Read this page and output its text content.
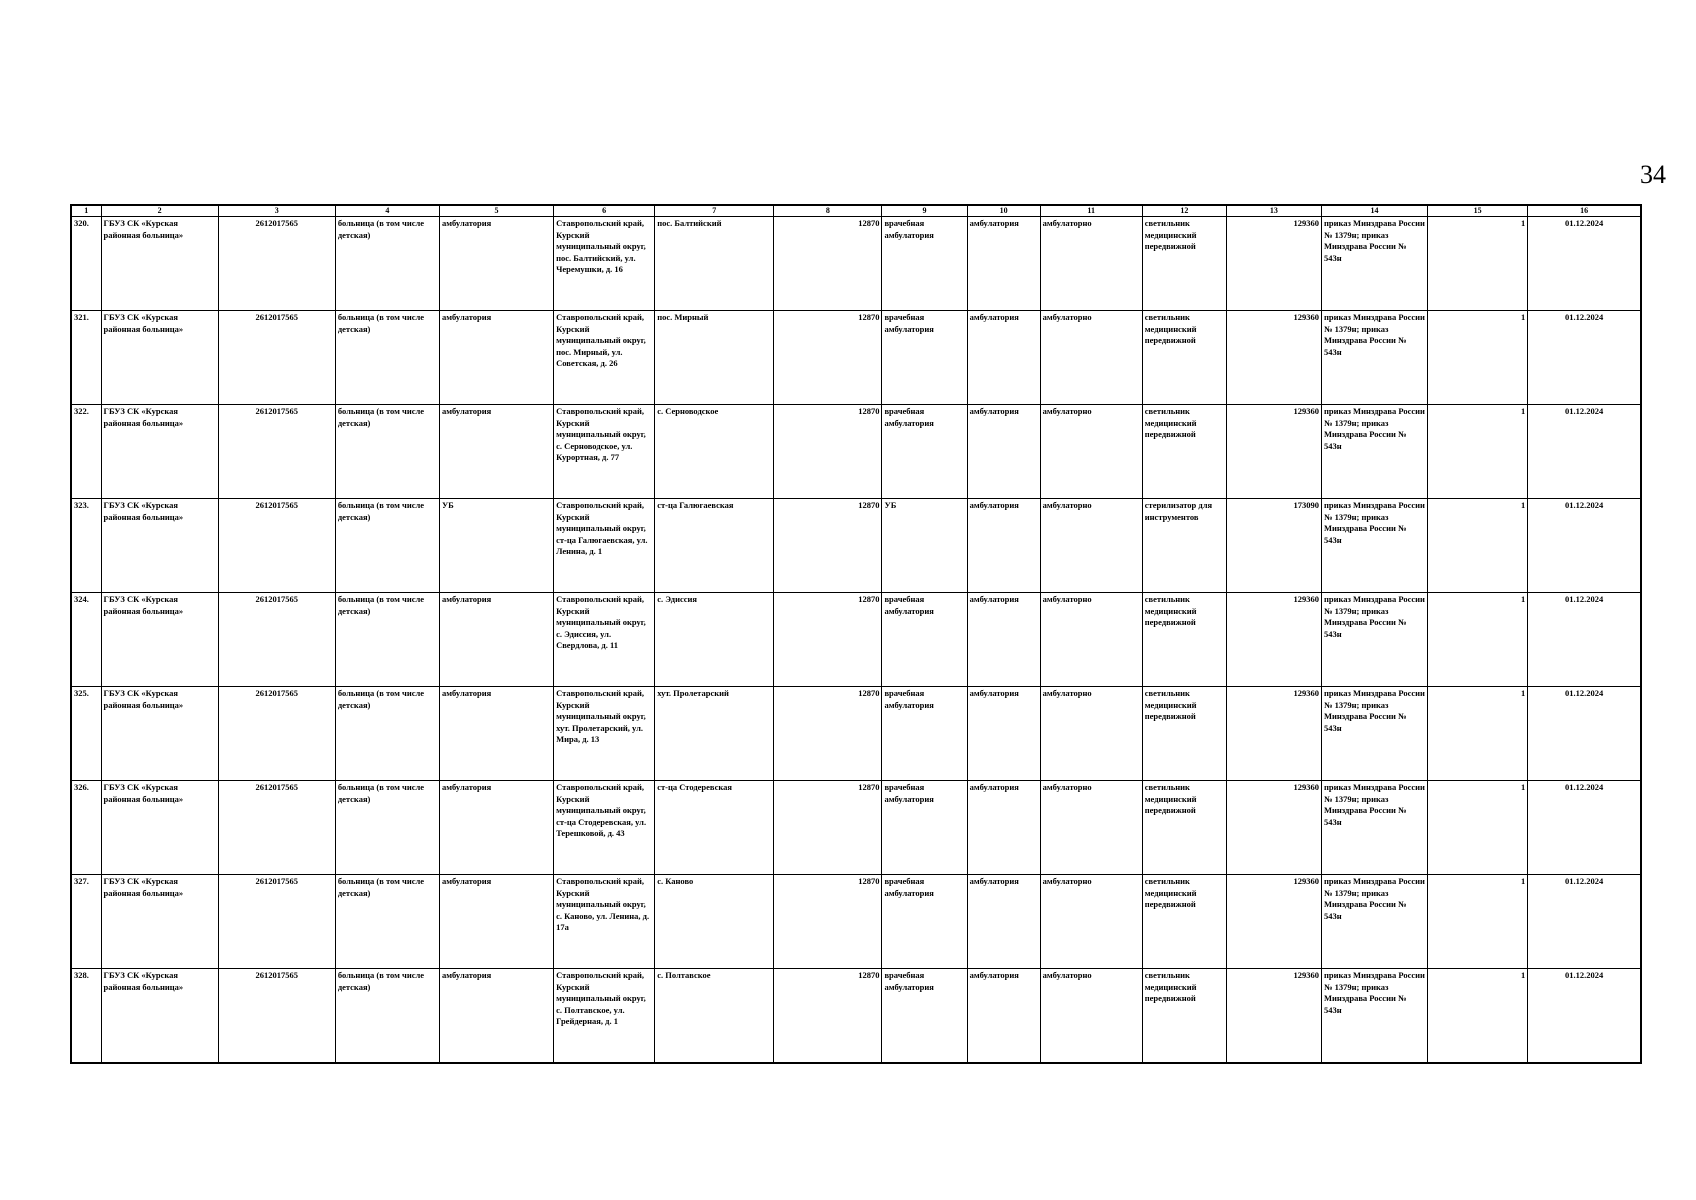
34
1	2	3	4	5	6	7	8	9	10	11	12	13	14	15	16
320.	ГБУЗ СК «Курская районная больница»	2612017565	больница (в том числе детская)	амбулатория	Ставропольский край, Курский муниципальный округ, пос. Балтийский, ул. Черемушки, д. 16	пос. Балтийский	12870	врачебная амбулатория	амбулатория	амбулаторно	светильник медицинский передвижной	129360	приказ Минздрава России № 1379н; приказ Минздрава России № 543н	1	01.12.2024
321.	ГБУЗ СК «Курская районная больница»	2612017565	больница (в том числе детская)	амбулатория	Ставропольский край, Курский муниципальный округ, пос. Мирный, ул. Советская, д. 26	пос. Мирный	12870	врачебная амбулатория	амбулатория	амбулаторно	светильник медицинский передвижной	129360	приказ Минздрава России № 1379н; приказ Минздрава России № 543н	1	01.12.2024
322.	ГБУЗ СК «Курская районная больница»	2612017565	больница (в том числе детская)	амбулатория	Ставропольский край, Курский муниципальный округ, с. Серноводское, ул. Курортная, д. 77	с. Серноводское	12870	врачебная амбулатория	амбулатория	амбулаторно	светильник медицинский передвижной	129360	приказ Минздрава России № 1379н; приказ Минздрава России № 543н	1	01.12.2024
323.	ГБУЗ СК «Курская районная больница»	2612017565	больница (в том числе детская)	УБ	Ставропольский край, Курский муниципальный округ, ст-ца Галюгаевская, ул. Ленина, д. 1	ст-ца Галюгаевская	12870	УБ	амбулатория	амбулаторно	стерилизатор для инструментов	173090	приказ Минздрава России № 1379н; приказ Минздрава России № 543н	1	01.12.2024
324.	ГБУЗ СК «Курская районная больница»	2612017565	больница (в том числе детская)	амбулатория	Ставропольский край, Курский муниципальный округ, с. Эдиссия, ул. Свердлова, д. 11	с. Эдиссия	12870	врачебная амбулатория	амбулатория	амбулаторно	светильник медицинский передвижной	129360	приказ Минздрава России № 1379н; приказ Минздрава России № 543н	1	01.12.2024
325.	ГБУЗ СК «Курская районная больница»	2612017565	больница (в том числе детская)	амбулатория	Ставропольский край, Курский муниципальный округ, хут. Пролетарский, ул. Мира, д. 13	хут. Пролетарский	12870	врачебная амбулатория	амбулатория	амбулаторно	светильник медицинский передвижной	129360	приказ Минздрава России № 1379н; приказ Минздрава России № 543н	1	01.12.2024
326.	ГБУЗ СК «Курская районная больница»	2612017565	больница (в том числе детская)	амбулатория	Ставропольский край, Курский муниципальный округ, ст-ца Стодеревская, ул. Терешковой, д. 43	ст-ца Стодеревская	12870	врачебная амбулатория	амбулатория	амбулаторно	светильник медицинский передвижной	129360	приказ Минздрава России № 1379н; приказ Минздрава России № 543н	1	01.12.2024
327.	ГБУЗ СК «Курская районная больница»	2612017565	больница (в том числе детская)	амбулатория	Ставропольский край, Курский муниципальный округ, с. Каново, ул. Ленина, д. 17а	с. Каново	12870	врачебная амбулатория	амбулатория	амбулаторно	светильник медицинский передвижной	129360	приказ Минздрава России № 1379н; приказ Минздрава России № 543н	1	01.12.2024
328.	ГБУЗ СК «Курская районная больница»	2612017565	больница (в том числе детская)	амбулатория	Ставропольский край, Курский муниципальный округ, с. Полтавское, ул. Грейдерная, д. 1	с. Полтавское	12870	врачебная амбулатория	амбулатория	амбулаторно	светильник медицинский передвижной	129360	приказ Минздрава России № 1379н; приказ Минздрава России № 543н	1	01.12.2024
